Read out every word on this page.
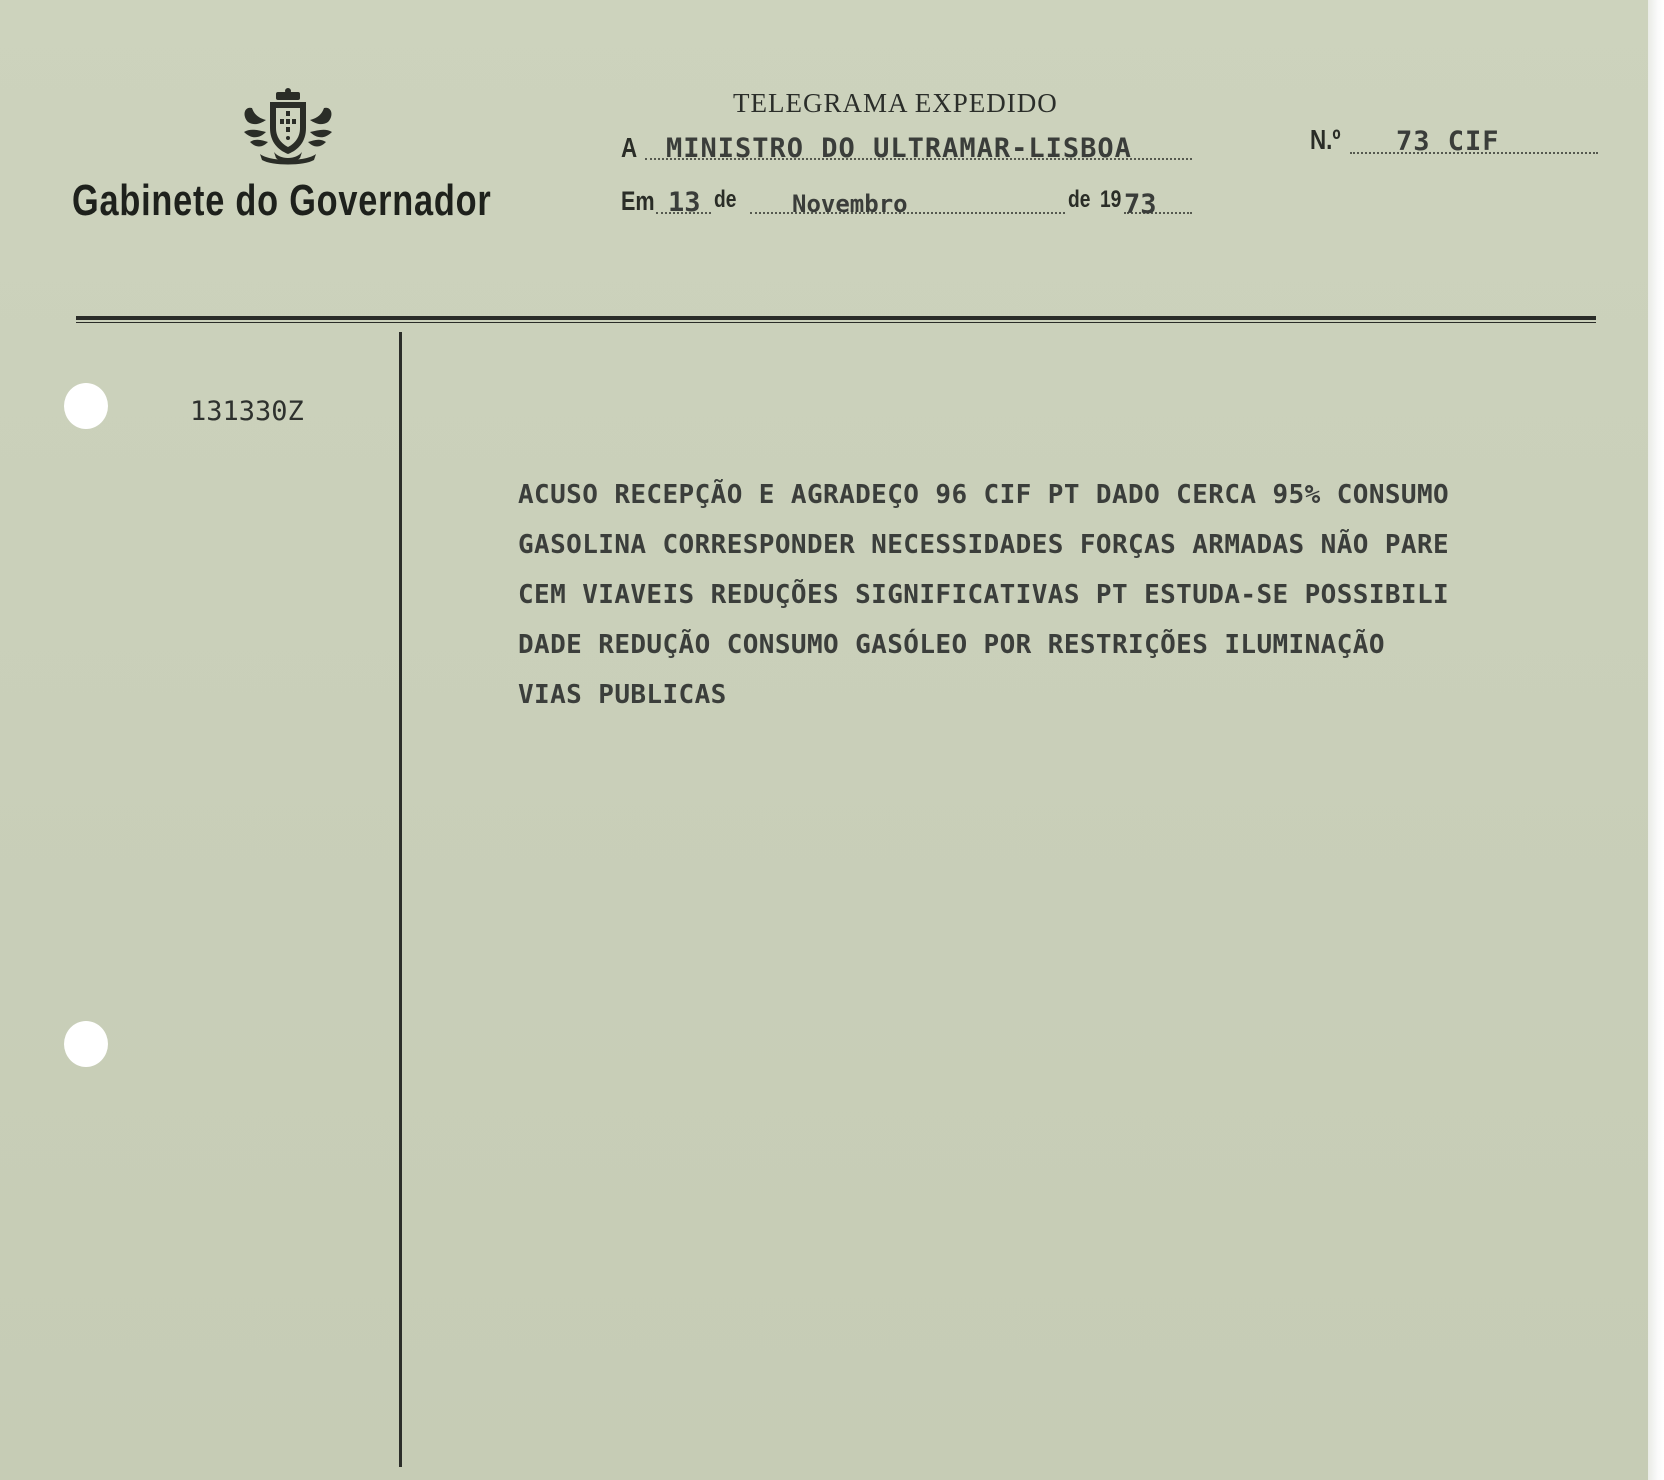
Gabinete do Governador
TELEGRAMA EXPEDIDO
A MINISTRO DO ULTRAMAR-LISBOA	N.º 73 CIF
Em 13 de Novembro	de 19 73
131330Z
ACUSO RECEPÇÃO E AGRADEÇO 96 CIF PT DADO CERCA 95% CONSUMO
GASOLINA CORRESPONDER NECESSIDADES FORÇAS ARMADAS NÃO PARE
CEM VIAVEIS REDUÇÕES SIGNIFICATIVAS PT ESTUDA-SE POSSIBILI
DADE REDUÇÃO CONSUMO GASÓLEO POR RESTRIÇÕES ILUMINAÇÃO
VIAS PUBLICAS
